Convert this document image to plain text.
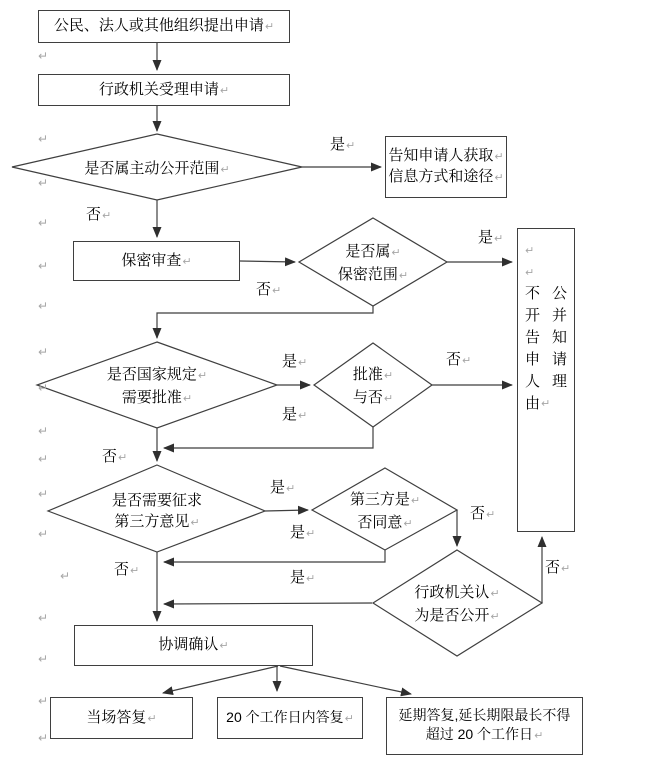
公民、法人或其他组织提出申请↵
行政机关受理申请↵
告知申请人获取↵
信息方式和途径↵
保密审查↵
↵
↵
不 公
开 并
告 知
申 请
人 理
由 ↵
协调确认↵
当场答复↵	20 个工作日内答复↵	延期答复,延长期限最长不得
超过 20 个工作日↵
是否属主动公开范围↵
是否属↵
保密范围↵
是否国家规定↵
需要批准↵
批准↵
与否↵
是否需要征求
第三方意见↵
第三方是↵
否同意↵
行政机关认↵
为是否公开↵
是↵
否↵
是↵
否↵
是↵	否↵
是↵
否↵
是↵
否↵
是↵
否↵	是↵
否↵
↵
↵
↵
↵
↵
↵
↵
↵
↵
↵
↵
↵
↵
↵
↵
↵
↵
